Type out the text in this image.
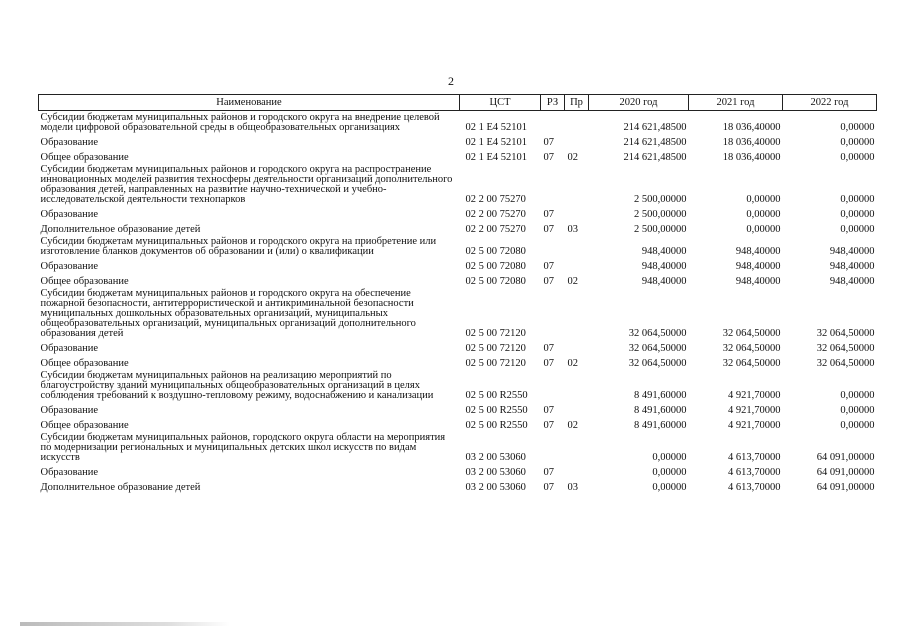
2
Наименование	ЦСТ	РЗ	Пр	2020 год	2021 год	2022 год
Субсидии бюджетам муниципальных районов и городского округа на внедрение целевой модели цифровой образовательной среды в общеобразовательных организациях	02 1 E4 52101			214 621,48500	18 036,40000	0,00000
Образование	02 1 E4 52101	07		214 621,48500	18 036,40000	0,00000
Общее образование	02 1 E4 52101	07	02	214 621,48500	18 036,40000	0,00000
Субсидии бюджетам муниципальных районов и городского округа на распространение инновационных моделей развития техносферы деятельности организаций дополнительного образования детей, направленных на развитие научно-технической и учебно-исследовательской деятельности технопарков	02 2 00 75270			2 500,00000	0,00000	0,00000
Образование	02 2 00 75270	07		2 500,00000	0,00000	0,00000
Дополнительное образование детей	02 2 00 75270	07	03	2 500,00000	0,00000	0,00000
Субсидии бюджетам муниципальных районов и городского округа на приобретение или изготовление бланков документов об образовании и (или) о квалификации	02 5 00 72080			948,40000	948,40000	948,40000
Образование	02 5 00 72080	07		948,40000	948,40000	948,40000
Общее образование	02 5 00 72080	07	02	948,40000	948,40000	948,40000
Субсидии бюджетам муниципальных районов и городского округа на обеспечение пожарной безопасности, антитеррористической и антикриминальной безопасности муниципальных дошкольных образовательных организаций, муниципальных общеобразовательных организаций, муниципальных организаций дополнительного образования детей	02 5 00 72120			32 064,50000	32 064,50000	32 064,50000
Образование	02 5 00 72120	07		32 064,50000	32 064,50000	32 064,50000
Общее образование	02 5 00 72120	07	02	32 064,50000	32 064,50000	32 064,50000
Субсидии бюджетам муниципальных районов на реализацию мероприятий по благоустройству зданий муниципальных общеобразовательных организаций в целях соблюдения требований к воздушно-тепловому режиму, водоснабжению и канализации	02 5 00 R2550			8 491,60000	4 921,70000	0,00000
Образование	02 5 00 R2550	07		8 491,60000	4 921,70000	0,00000
Общее образование	02 5 00 R2550	07	02	8 491,60000	4 921,70000	0,00000
Субсидии бюджетам муниципальных районов, городского округа области на мероприятия по модернизации региональных и муниципальных детских школ искусств по видам искусств	03 2 00 53060			0,00000	4 613,70000	64 091,00000
Образование	03 2 00 53060	07		0,00000	4 613,70000	64 091,00000
Дополнительное образование детей	03 2 00 53060	07	03	0,00000	4 613,70000	64 091,00000
